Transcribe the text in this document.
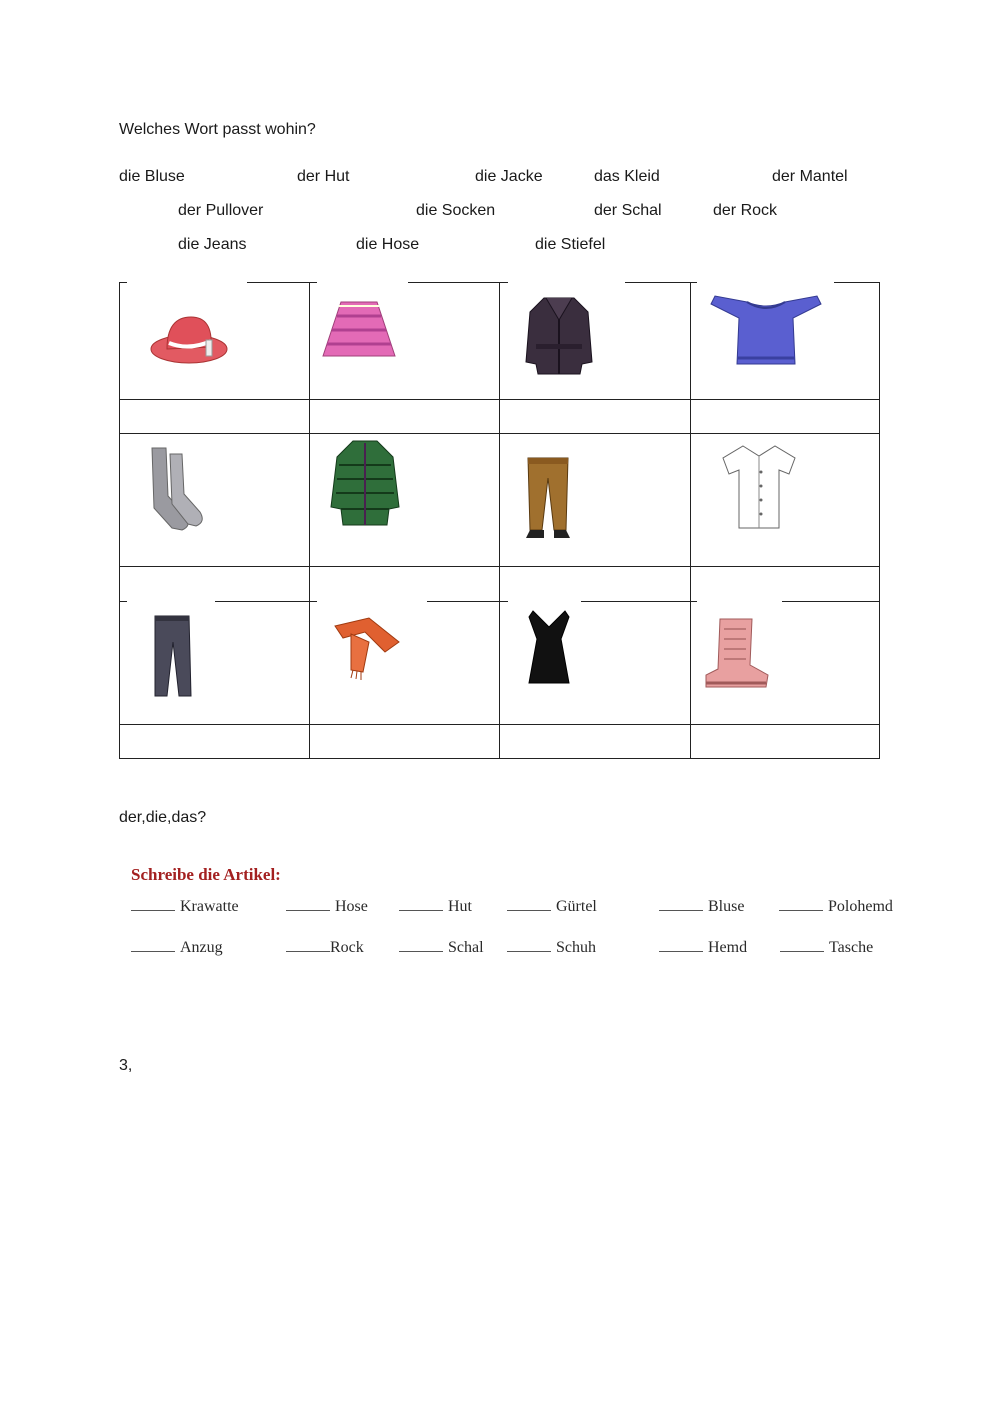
Welches Wort passt wohin?
die Bluse	der Hut	die Jacke	das Kleid	der Mantel
der Pullover	die Socken	der Schal	der Rock
die Jeans	die Hose	die Stiefel
der,die,das?
Schreibe die Artikel:
Krawatte	Hose	Hut	Gürtel	Bluse	Polohemd
Anzug	Rock	Schal	Schuh	Hemd	Tasche
3,
